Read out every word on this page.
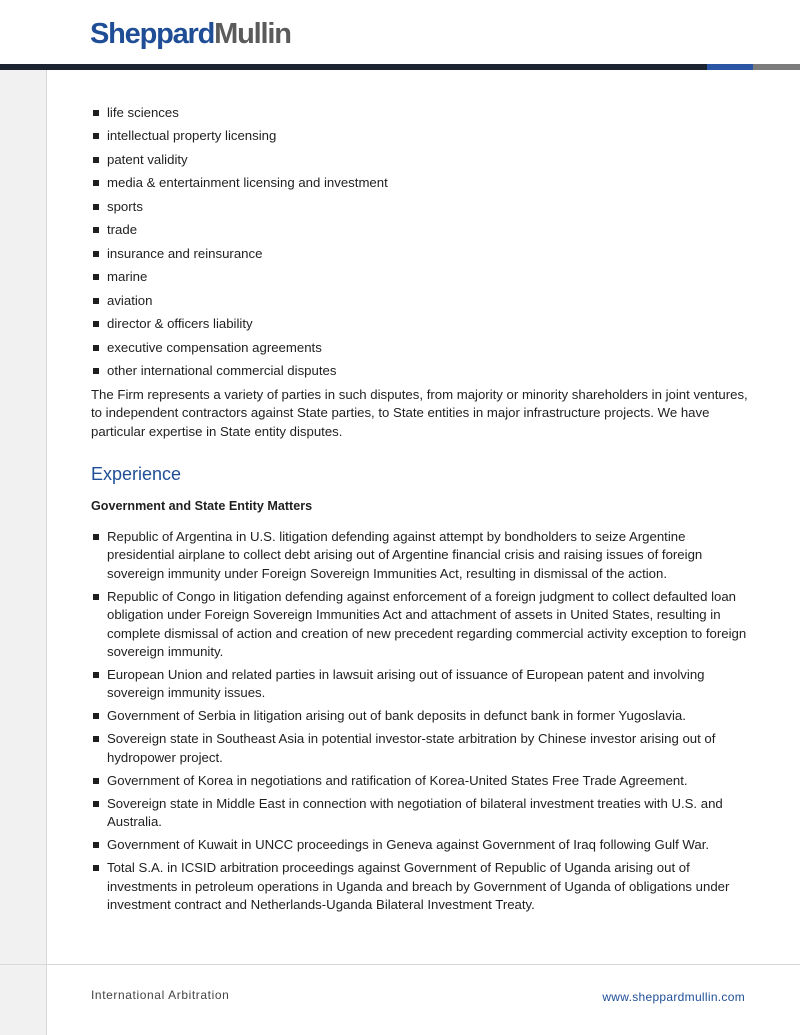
SheppardMullin
life sciences
intellectual property licensing
patent validity
media & entertainment licensing and investment
sports
trade
insurance and reinsurance
marine
aviation
director & officers liability
executive compensation agreements
other international commercial disputes

The Firm represents a variety of parties in such disputes, from majority or minority shareholders in joint ventures, to independent contractors against State parties, to State entities in major infrastructure projects. We have particular expertise in State entity disputes.

Experience
Government and State Entity Matters
Republic of Argentina in U.S. litigation defending against attempt by bondholders to seize Argentine presidential airplane to collect debt arising out of Argentine financial crisis and raising issues of foreign sovereign immunity under Foreign Sovereign Immunities Act, resulting in dismissal of the action.
Republic of Congo in litigation defending against enforcement of a foreign judgment to collect defaulted loan obligation under Foreign Sovereign Immunities Act and attachment of assets in United States, resulting in complete dismissal of action and creation of new precedent regarding commercial activity exception to foreign sovereign immunity.
European Union and related parties in lawsuit arising out of issuance of European patent and involving sovereign immunity issues.
Government of Serbia in litigation arising out of bank deposits in defunct bank in former Yugoslavia.
Sovereign state in Southeast Asia in potential investor-state arbitration by Chinese investor arising out of hydropower project.
Government of Korea in negotiations and ratification of Korea-United States Free Trade Agreement.
Sovereign state in Middle East in connection with negotiation of bilateral investment treaties with U.S. and Australia.
Government of Kuwait in UNCC proceedings in Geneva against Government of Iraq following Gulf War.
Total S.A. in ICSID arbitration proceedings against Government of Republic of Uganda arising out of investments in petroleum operations in Uganda and breach by Government of Uganda of obligations under investment contract and Netherlands-Uganda Bilateral Investment Treaty.
International Arbitration	www.sheppardmullin.com
